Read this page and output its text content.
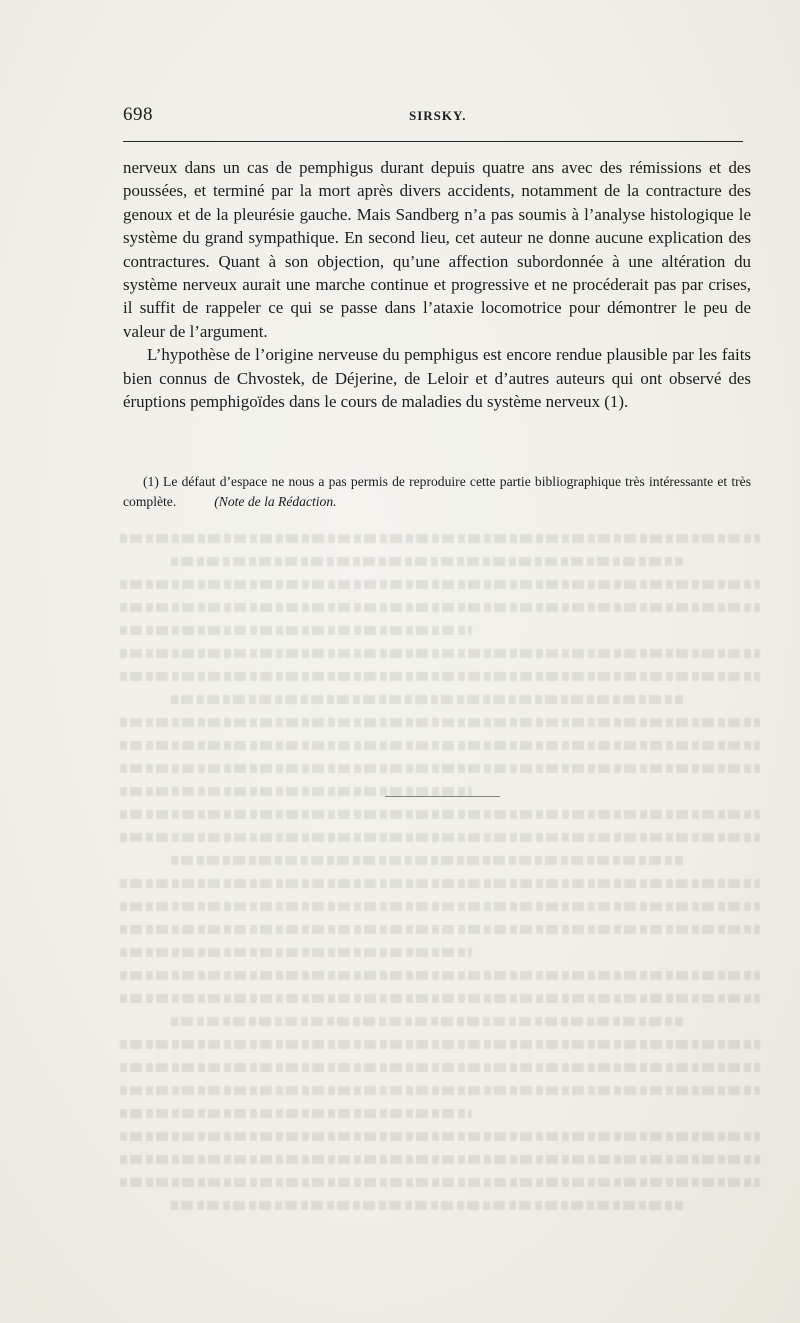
698	SIRSKY.

nerveux dans un cas de pemphigus durant depuis quatre ans avec des rémissions et des poussées, et terminé par la mort après divers accidents, notamment de la contracture des genoux et de la pleurésie gauche. Mais Sandberg n’a pas soumis à l’analyse histologique le système du grand sympathique. En second lieu, cet auteur ne donne aucune explication des contractures. Quant à son objection, qu’une affection subordonnée à une altération du système nerveux aurait une marche continue et progressive et ne procéderait pas par crises, il suffit de rappeler ce qui se passe dans l’ataxie locomotrice pour démontrer le peu de valeur de l’argument.

L’hypothèse de l’origine nerveuse du pemphigus est encore rendue plausible par les faits bien connus de Chvostek, de Déjerine, de Leloir et d’autres auteurs qui ont observé des éruptions pemphigoïdes dans le cours de maladies du système nerveux (1).

(1) Le défaut d’espace ne nous a pas permis de reproduire cette partie bibliographique très intéressante et très complète.	(Note de la Rédaction.
